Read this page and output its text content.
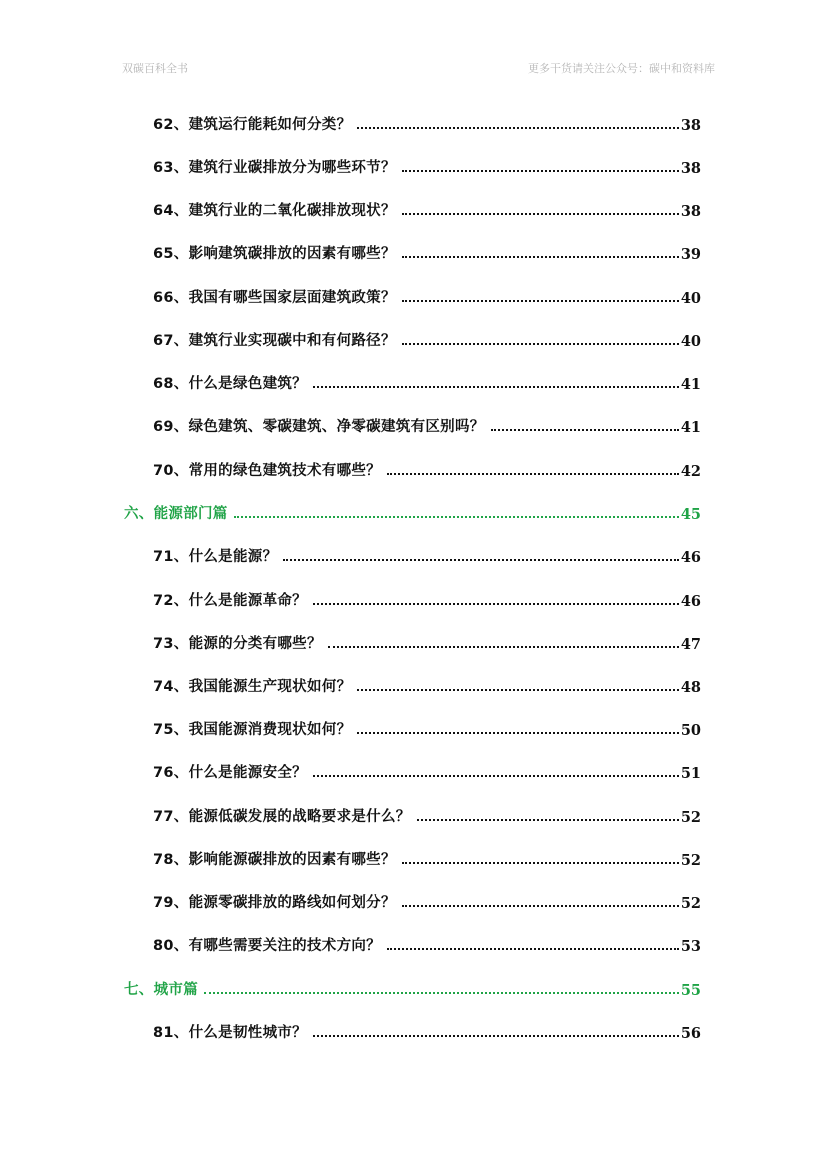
双碳百科全书	更多干货请关注公众号：碳中和资料库
62、建筑运行能耗如何分类？	38
63、建筑行业碳排放分为哪些环节？	38
64、建筑行业的二氧化碳排放现状？	38
65、影响建筑碳排放的因素有哪些？	39
66、我国有哪些国家层面建筑政策？	40
67、建筑行业实现碳中和有何路径？	40
68、什么是绿色建筑？	41
69、绿色建筑、零碳建筑、净零碳建筑有区别吗？	41
70、常用的绿色建筑技术有哪些？	42
六、能源部门篇	45
71、什么是能源？	46
72、什么是能源革命？	46
73、能源的分类有哪些？	47
74、我国能源生产现状如何？	48
75、我国能源消费现状如何？	50
76、什么是能源安全？	51
77、能源低碳发展的战略要求是什么？	52
78、影响能源碳排放的因素有哪些？	52
79、能源零碳排放的路线如何划分？	52
80、有哪些需要关注的技术方向？	53
七、城市篇	55
81、什么是韧性城市？	56
